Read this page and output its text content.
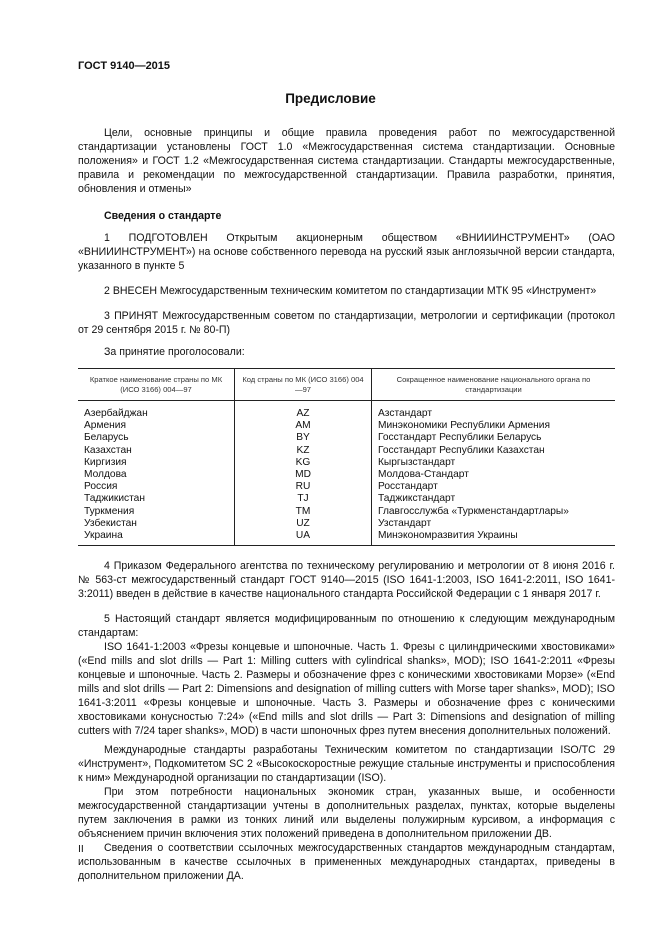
ГОСТ 9140—2015
Предисловие

Цели, основные принципы и общие правила проведения работ по межгосударственной стандартизации установлены ГОСТ 1.0 «Межгосударственная система стандартизации. Основные положения» и ГОСТ 1.2 «Межгосударственная система стандартизации. Стандарты межгосударственные, правила и рекомендации по межгосударственной стандартизации. Правила разработки, принятия, обновления и отмены»

Сведения о стандарте

1 ПОДГОТОВЛЕН Открытым акционерным обществом «ВНИИИНСТРУМЕНТ» (ОАО «ВНИИИНСТРУМЕНТ») на основе собственного перевода на русский язык англоязычной версии стандарта, указанного в пункте 5

2 ВНЕСЕН Межгосударственным техническим комитетом по стандартизации МТК 95 «Инструмент»

3 ПРИНЯТ Межгосударственным советом по стандартизации, метрологии и сертификации (протокол от 29 сентября 2015 г. № 80-П)

За принятие проголосовали:

Краткое наименование страны по МК (ИСО 3166) 004—97	Код страны по МК (ИСО 3166) 004—97	Сокращенное наименование национального органа по стандартизации
Азербайджан	AZ	Азстандарт
Армения	AM	Минэкономики Республики Армения
Беларусь	BY	Госстандарт Республики Беларусь
Казахстан	KZ	Госстандарт Республики Казахстан
Киргизия	KG	Кыргызстандарт
Молдова	MD	Молдова-Стандарт
Россия	RU	Росстандарт
Таджикистан	TJ	Таджикстандарт
Туркмения	TM	Главгосслужба «Туркменстандартлары»
Узбекистан	UZ	Узстандарт
Украина	UA	Минэкономразвития Украины

4 Приказом Федерального агентства по техническому регулированию и метрологии от 8 июня 2016 г. № 563-ст межгосударственный стандарт ГОСТ 9140—2015 (ISO 1641-1:2003, ISO 1641-2:2011, ISO 1641-3:2011) введен в действие в качестве национального стандарта Российской Федерации с 1 января 2017 г.

5 Настоящий стандарт является модифицированным по отношению к следующим международным стандартам:

ISO 1641-1:2003 «Фрезы концевые и шпоночные. Часть 1. Фрезы с цилиндрическими хвостовиками» («End mills and slot drills — Part 1: Milling cutters with cylindrical shanks», MOD); ISO 1641-2:2011 «Фрезы концевые и шпоночные. Часть 2. Размеры и обозначение фрез с коническими хвостовиками Морзе» («End mills and slot drills — Part 2: Dimensions and designation of milling cutters with Morse taper shanks», MOD); ISO 1641-3:2011 «Фрезы концевые и шпоночные. Часть 3. Размеры и обозначение фрез с коническими хвостовиками конусностью 7:24» («End mills and slot drills — Part 3: Dimensions and designation of milling cutters with 7/24 taper shanks», MOD) в части шпоночных фрез путем внесения дополнительных положений.

Международные стандарты разработаны Техническим комитетом по стандартизации ISO/TC 29 «Инструмент», Подкомитетом SC 2 «Высокоскоростные режущие стальные инструменты и приспособления к ним» Международной организации по стандартизации (ISO).

При этом потребности национальных экономик стран, указанных выше, и особенности межгосударственной стандартизации учтены в дополнительных разделах, пунктах, которые выделены путем заключения в рамки из тонких линий или выделены полужирным курсивом, а информация с объяснением причин включения этих положений приведена в дополнительном приложении ДВ.

Сведения о соответствии ссылочных межгосударственных стандартов международным стандартам, использованным в качестве ссылочных в примененных международных стандартах, приведены в дополнительном приложении ДА.

II
